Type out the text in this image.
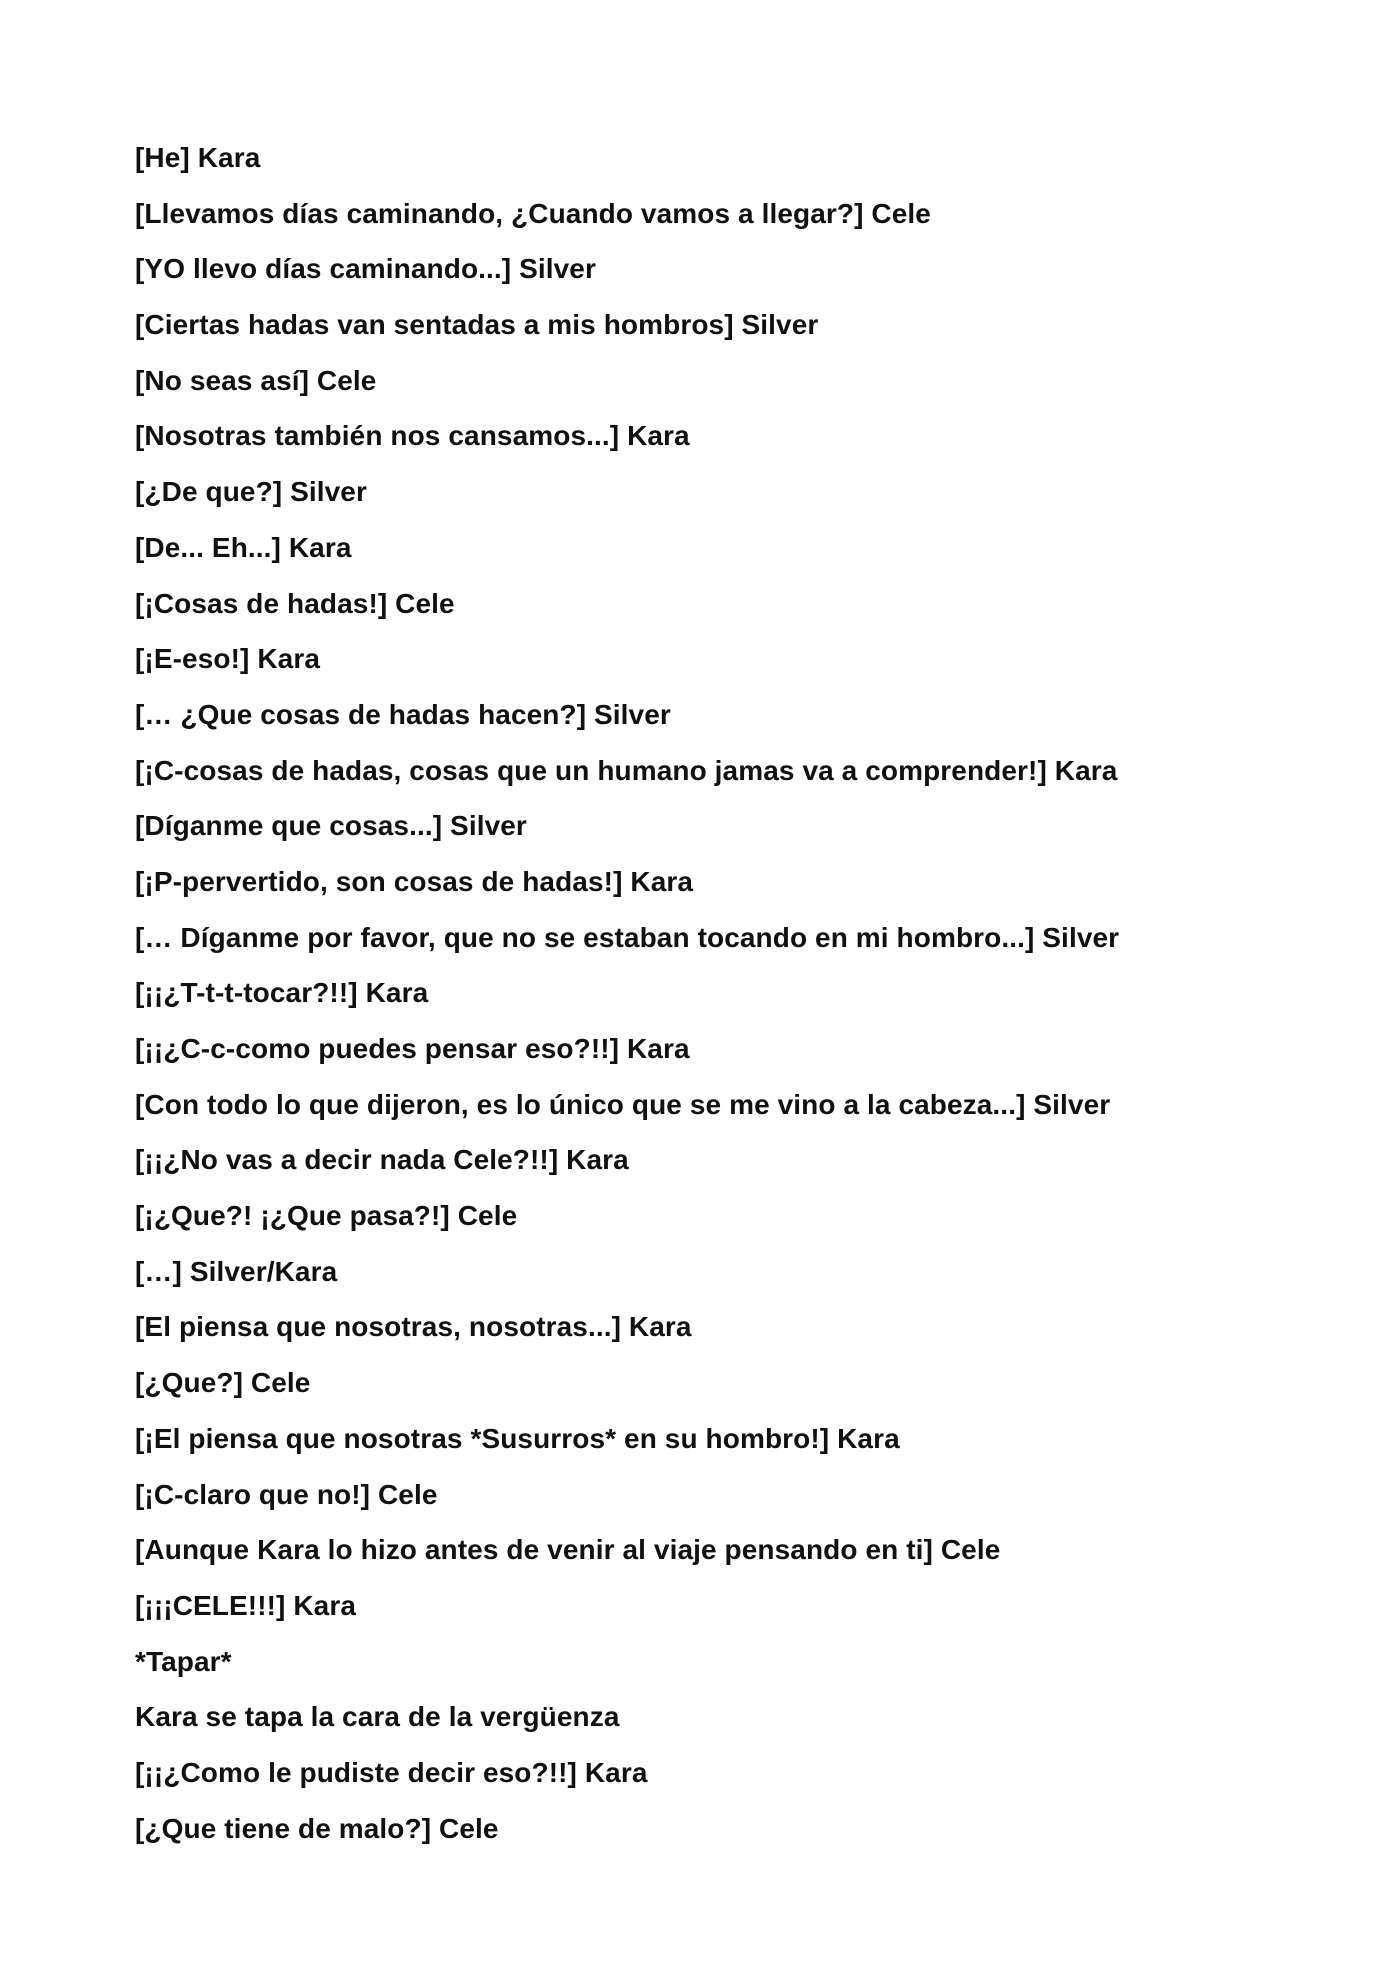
[He] Kara
[Llevamos días caminando, ¿Cuando vamos a llegar?] Cele
[YO llevo días caminando...] Silver
[Ciertas hadas van sentadas a mis hombros] Silver
[No seas así] Cele
[Nosotras también nos cansamos...] Kara
[¿De que?] Silver
[De... Eh...] Kara
[¡Cosas de hadas!] Cele
[¡E-eso!] Kara
[… ¿Que cosas de hadas hacen?] Silver
[¡C-cosas de hadas, cosas que un humano jamas va a comprender!] Kara
[Díganme que cosas...] Silver
[¡P-pervertido, son cosas de hadas!] Kara
[… Díganme por favor, que no se estaban tocando en mi hombro...] Silver
[¡¡¿T-t-t-tocar?!!] Kara
[¡¡¿C-c-como puedes pensar eso?!!] Kara
[Con todo lo que dijeron, es lo único que se me vino a la cabeza...] Silver
[¡¡¿No vas a decir nada Cele?!!] Kara
[¡¿Que?! ¡¿Que pasa?!] Cele
[…] Silver/Kara
[El piensa que nosotras, nosotras...] Kara
[¿Que?] Cele
[¡El piensa que nosotras *Susurros* en su hombro!] Kara
[¡C-claro que no!] Cele
[Aunque Kara lo hizo antes de venir al viaje pensando en ti] Cele
[¡¡¡CELE!!!] Kara
*Tapar*
Kara se tapa la cara de la vergüenza
[¡¡¿Como le pudiste decir eso?!!] Kara
[¿Que tiene de malo?] Cele
